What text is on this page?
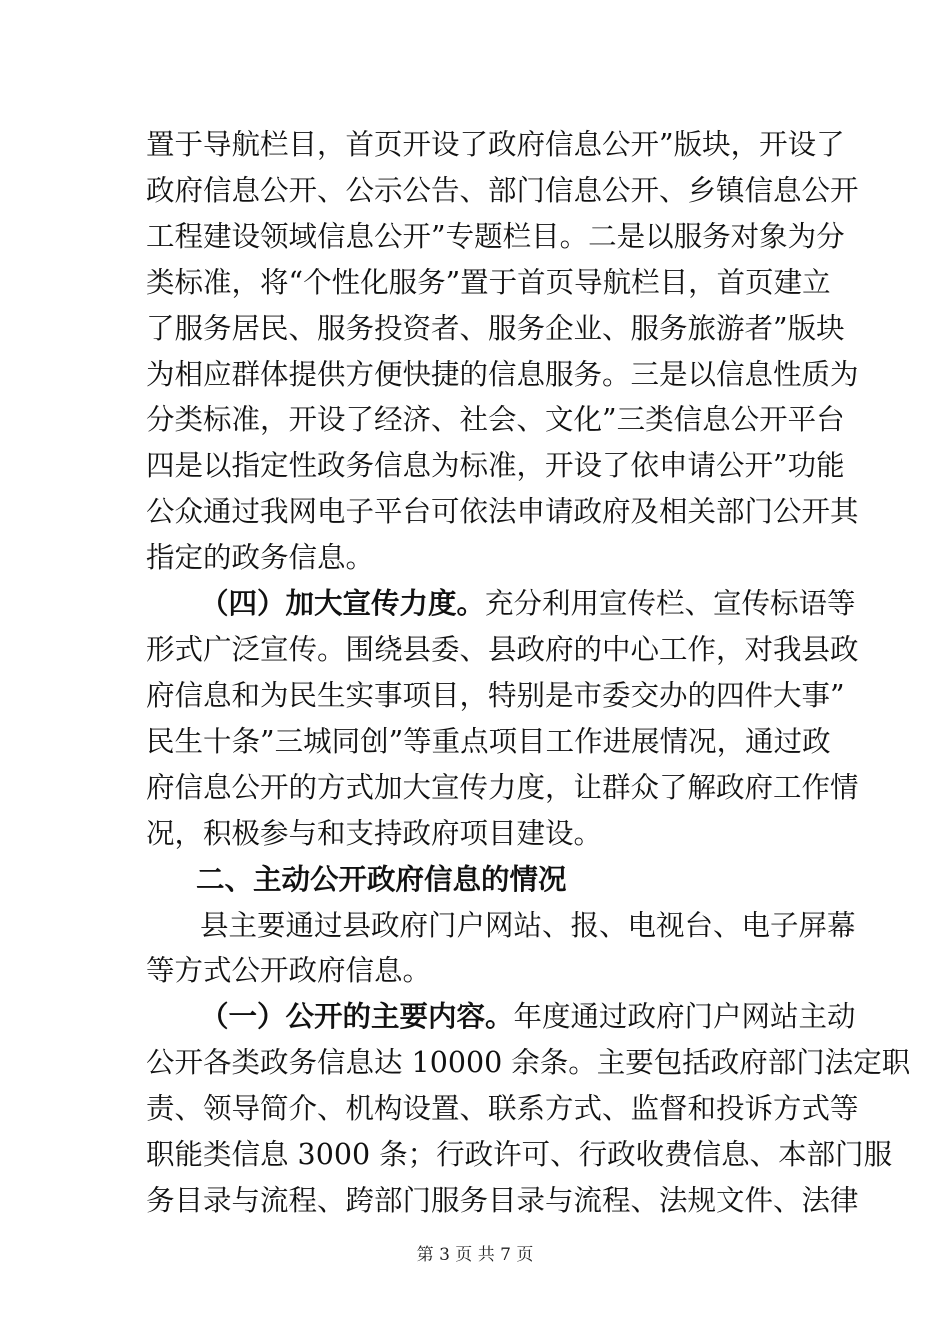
置于导航栏目，首页开设了政府信息公开”版块，开设了
政府信息公开、公示公告、部门信息公开、乡镇信息公开
工程建设领域信息公开”专题栏目。二是以服务对象为分
类标准，将“个性化服务”置于首页导航栏目，首页建立
了服务居民、服务投资者、服务企业、服务旅游者”版块
为相应群体提供方便快捷的信息服务。三是以信息性质为
分类标准，开设了经济、社会、文化”三类信息公开平台
四是以指定性政务信息为标准，开设了依申请公开”功能
公众通过我网电子平台可依法申请政府及相关部门公开其
指定的政务信息。
（四）加大宣传力度。充分利用宣传栏、宣传标语等
形式广泛宣传。围绕县委、县政府的中心工作，对我县政
府信息和为民生实事项目，特别是市委交办的四件大事”
民生十条”三城同创”等重点项目工作进展情况，通过政
府信息公开的方式加大宣传力度，让群众了解政府工作情
况，积极参与和支持政府项目建设。
二、主动公开政府信息的情况
县主要通过县政府门户网站、报、电视台、电子屏幕
等方式公开政府信息。
（一）公开的主要内容。年度通过政府门户网站主动
公开各类政务信息达 10000 余条。主要包括政府部门法定职
责、领导简介、机构设置、联系方式、监督和投诉方式等
职能类信息 3000 条；行政许可、行政收费信息、本部门服
务目录与流程、跨部门服务目录与流程、法规文件、法律
第 3 页 共 7 页
